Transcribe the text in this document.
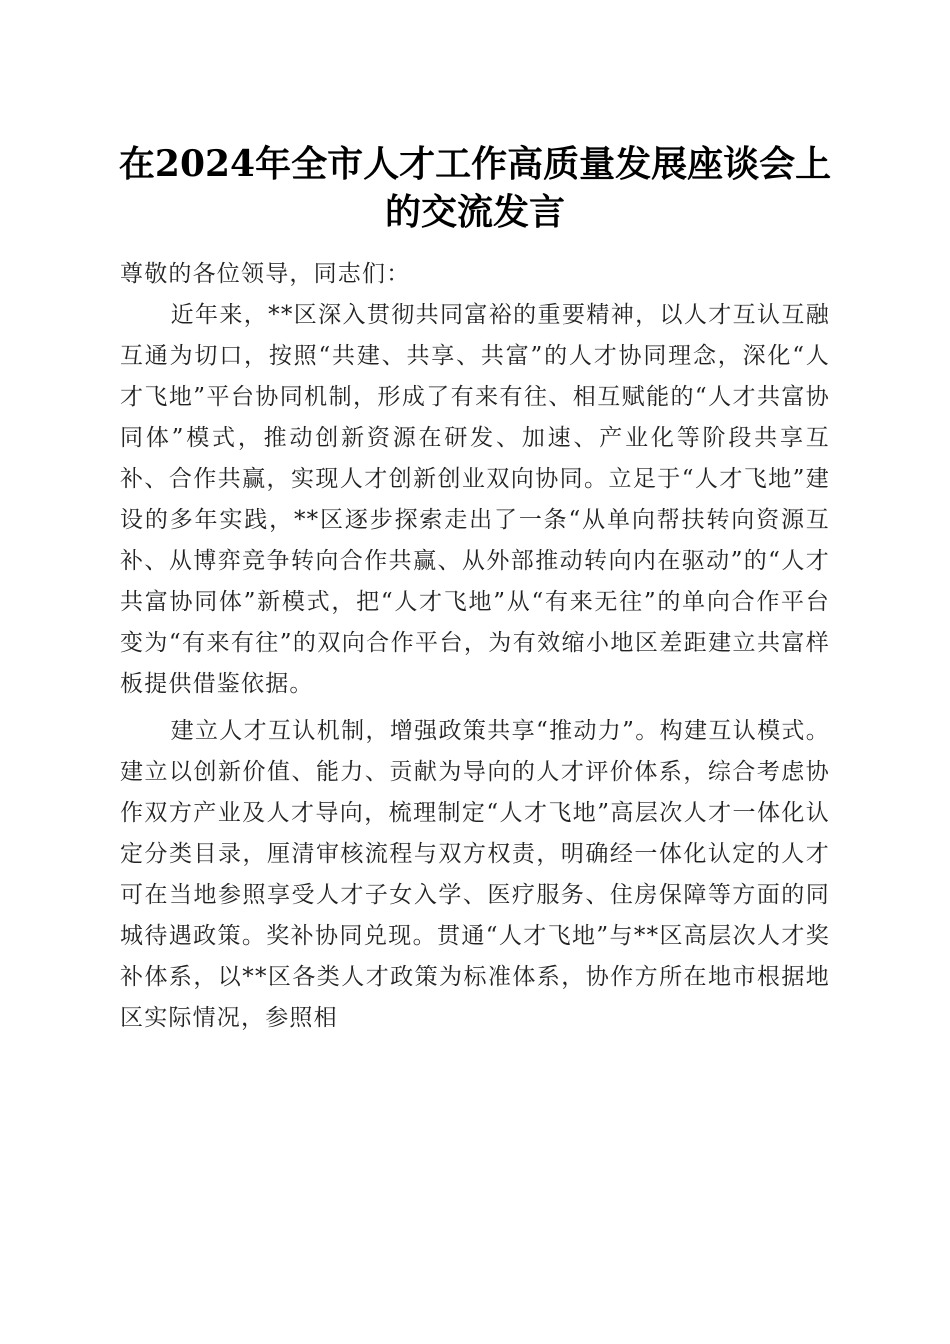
在2024年全市人才工作高质量发展座谈会上
的交流发言

尊敬的各位领导，同志们：

近年来，**区深入贯彻共同富裕的重要精神，以人才互认互融互通为切口，按照“共建、共享、共富”的人才协同理念，深化“人才飞地”平台协同机制，形成了有来有往、相互赋能的“人才共富协同体”模式，推动创新资源在研发、加速、产业化等阶段共享互补、合作共赢，实现人才创新创业双向协同。立足于“人才飞地”建设的多年实践，**区逐步探索走出了一条“从单向帮扶转向资源互补、从博弈竞争转向合作共赢、从外部推动转向内在驱动”的“人才共富协同体”新模式，把“人才飞地”从“有来无往”的单向合作平台变为“有来有往”的双向合作平台，为有效缩小地区差距建立共富样板提供借鉴依据。

建立人才互认机制，增强政策共享“推动力”。构建互认模式。建立以创新价值、能力、贡献为导向的人才评价体系，综合考虑协作双方产业及人才导向，梳理制定“人才飞地”高层次人才一体化认定分类目录，厘清审核流程与双方权责，明确经一体化认定的人才可在当地参照享受人才子女入学、医疗服务、住房保障等方面的同城待遇政策。奖补协同兑现。贯通“人才飞地”与**区高层次人才奖补体系，以**区各类人才政策为标准体系，协作方所在地市根据地区实际情况，参照相
